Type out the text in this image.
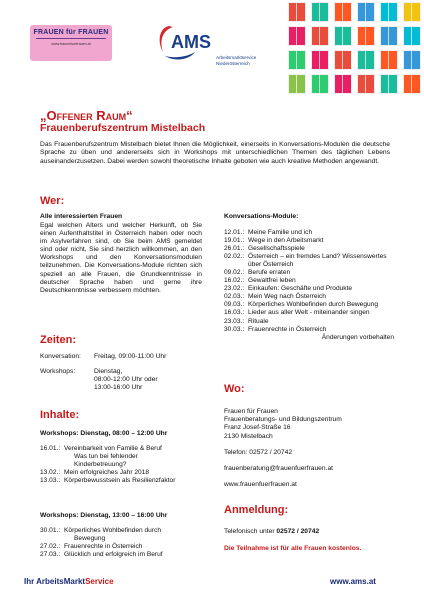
FRAUEN für FRAUEN
www.frauenfuerfrauen.at	AMS
Arbeitsmarktservice
Niederösterreich
„Offener Raum“
Frauenberufszentrum Mistelbach
Das Frauenberufszentrum Mistelbach bietet Ihnen die Möglichkeit, einerseits in Konversations-Modulen die deutsche Sprache zu üben und andererseits sich in Workshops mit unterschiedlichen Themen des täglichen Lebens auseinanderzusetzen. Dabei werden sowohl theoretische Inhalte geboten wie auch kreative Methoden angewandt.
Wer:
Alle interessierten Frauen
Egal welchen Alters und welcher Herkunft, ob Sie einen Aufenthaltstitel in Österreich haben oder noch im Asylverfahren sind, ob Sie beim AMS gemeldet sind oder nicht, Sie sind herzlich willkommen, an den Workshops und den Konversationsmodulen teilzunehmen. Die Konversations-Module richten sich speziell an alle Frauen, die Grundkenntnisse in deutscher Sprache haben und gerne ihre Deutschkenntnisse verbessern möchten.
Konversations-Module:
12.01.: Meine Familie und ich
19.01.: Wege in den Arbeitsmarkt
26.01.: Gesellschaftsspiele
02.02.: Österreich – ein fremdes Land? Wissenswertes über Österreich
09.02.: Berufe erraten
16.02.: Gewaltfrei leben
23.02.: Einkaufen: Geschäfte und Produkte
02.03.: Mein Weg nach Österreich
09.03.: Körperliches Wohlbefinden durch Bewegung
16.03.: Lieder aus aller Welt - miteinander singen
23.03.: Rituale
30.03.: Frauenrechte in Österreich
Änderungen vorbehalten
Zeiten:
Konversation:	Freitag, 09:00-11:00 Uhr
Workshops:	Dienstag,
08:00-12:00 Uhr oder
13:00-16:00 Uhr	Wo:
Frauen für Frauen
Frauenberatungs- und Bildungszentrum
Franz Josef-Straße 16
2130 Mistelbach
Telefon: 02572 / 20742
frauenberatung@frauenfuerfrauen.at
www.frauenfuerfrauen.at
Inhalte:
Workshops: Dienstag, 08:00 – 12:00 Uhr
16.01.: Vereinbarkeit von Familie & Beruf
Was tun bei fehlender
Kinderbetreuung?
13.02.: Mein erfolgreiches Jahr 2018
13.03.: Körperbewusstsein als Resilienzfaktor
Workshops: Dienstag, 13:00 – 16:00 Uhr
30.01.: Körperliches Wohlbefinden durch
Bewegung
27.02.: Frauenrechte in Österreich
27.03.: Glücklich und erfolgreich im Beruf
Anmeldung:
Telefonisch unter 02572 / 20742
Die Teilnahme ist für alle Frauen kostenlos.
Ihr ArbeitsMarktService	www.ams.at
